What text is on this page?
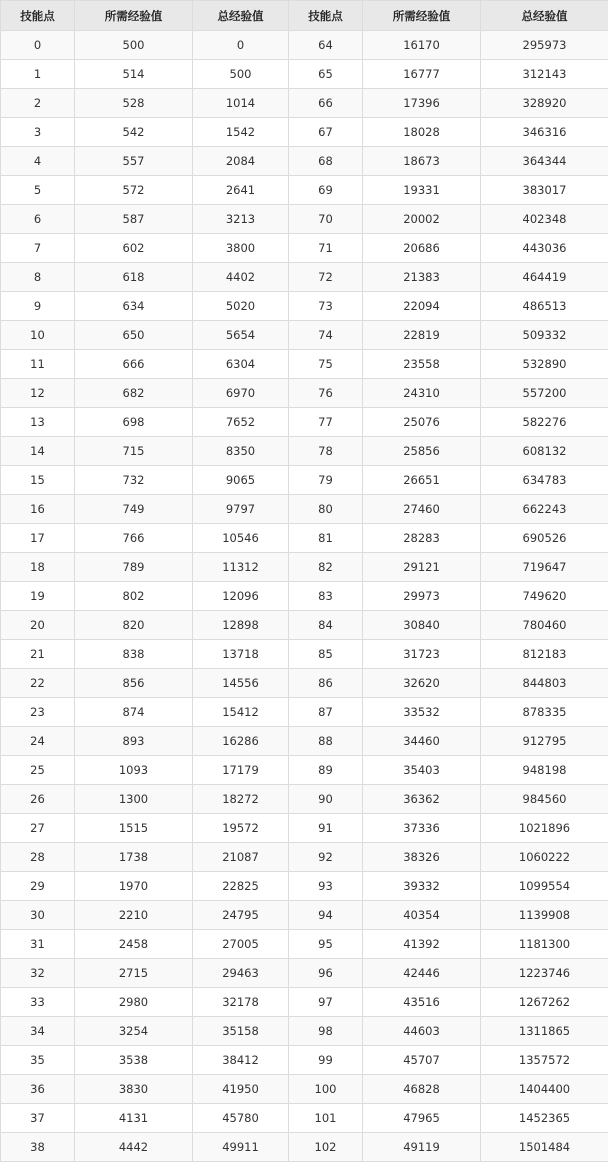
技能点	所需经验值	总经验值	技能点	所需经验值	总经验值
0	500	0	64	16170	295973
1	514	500	65	16777	312143
2	528	1014	66	17396	328920
3	542	1542	67	18028	346316
4	557	2084	68	18673	364344
5	572	2641	69	19331	383017
6	587	3213	70	20002	402348
7	602	3800	71	20686	443036
8	618	4402	72	21383	464419
9	634	5020	73	22094	486513
10	650	5654	74	22819	509332
11	666	6304	75	23558	532890
12	682	6970	76	24310	557200
13	698	7652	77	25076	582276
14	715	8350	78	25856	608132
15	732	9065	79	26651	634783
16	749	9797	80	27460	662243
17	766	10546	81	28283	690526
18	789	11312	82	29121	719647
19	802	12096	83	29973	749620
20	820	12898	84	30840	780460
21	838	13718	85	31723	812183
22	856	14556	86	32620	844803
23	874	15412	87	33532	878335
24	893	16286	88	34460	912795
25	1093	17179	89	35403	948198
26	1300	18272	90	36362	984560
27	1515	19572	91	37336	1021896
28	1738	21087	92	38326	1060222
29	1970	22825	93	39332	1099554
30	2210	24795	94	40354	1139908
31	2458	27005	95	41392	1181300
32	2715	29463	96	42446	1223746
33	2980	32178	97	43516	1267262
34	3254	35158	98	44603	1311865
35	3538	38412	99	45707	1357572
36	3830	41950	100	46828	1404400
37	4131	45780	101	47965	1452365
38	4442	49911	102	49119	1501484
